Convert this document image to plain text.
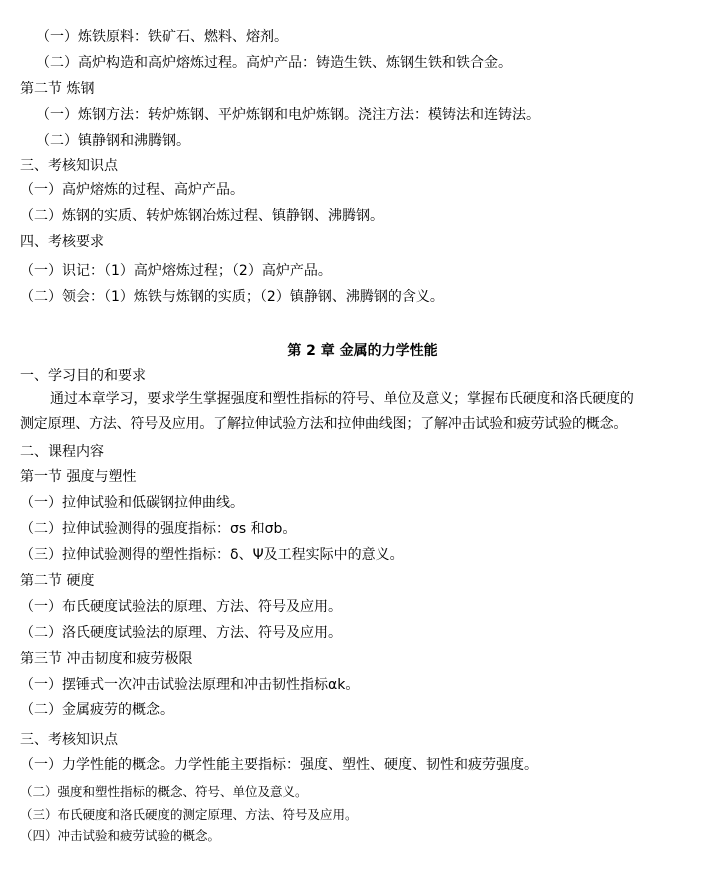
（一）炼铁原料：铁矿石、燃料、熔剂。
（二）高炉构造和高炉熔炼过程。高炉产品：铸造生铁、炼钢生铁和铁合金。
第二节 炼钢
（一）炼钢方法：转炉炼钢、平炉炼钢和电炉炼钢。浇注方法：模铸法和连铸法。
（二）镇静钢和沸腾钢。
三、考核知识点
（一）高炉熔炼的过程、高炉产品。
（二）炼钢的实质、转炉炼钢冶炼过程、镇静钢、沸腾钢。
四、考核要求
（一）识记：（1）高炉熔炼过程；（2）高炉产品。
（二）领会：（1）炼铁与炼钢的实质；（2）镇静钢、沸腾钢的含义。
第 2 章 金属的力学性能
一、学习目的和要求
通过本章学习，要求学生掌握强度和塑性指标的符号、单位及意义；掌握布氏硬度和洛氏硬度的
测定原理、方法、符号及应用。了解拉伸试验方法和拉伸曲线图；了解冲击试验和疲劳试验的概念。
二、课程内容
第一节 强度与塑性
（一）拉伸试验和低碳钢拉伸曲线。
（二）拉伸试验测得的强度指标：σs 和σb。
（三）拉伸试验测得的塑性指标：δ、Ψ及工程实际中的意义。
第二节 硬度
（一）布氏硬度试验法的原理、方法、符号及应用。
（二）洛氏硬度试验法的原理、方法、符号及应用。
第三节 冲击韧度和疲劳极限
（一）摆锤式一次冲击试验法原理和冲击韧性指标αk。
（二）金属疲劳的概念。
三、考核知识点
（一）力学性能的概念。力学性能主要指标：强度、塑性、硬度、韧性和疲劳强度。
（二）强度和塑性指标的概念、符号、单位及意义。
（三）布氏硬度和洛氏硬度的测定原理、方法、符号及应用。
（四）冲击试验和疲劳试验的概念。
